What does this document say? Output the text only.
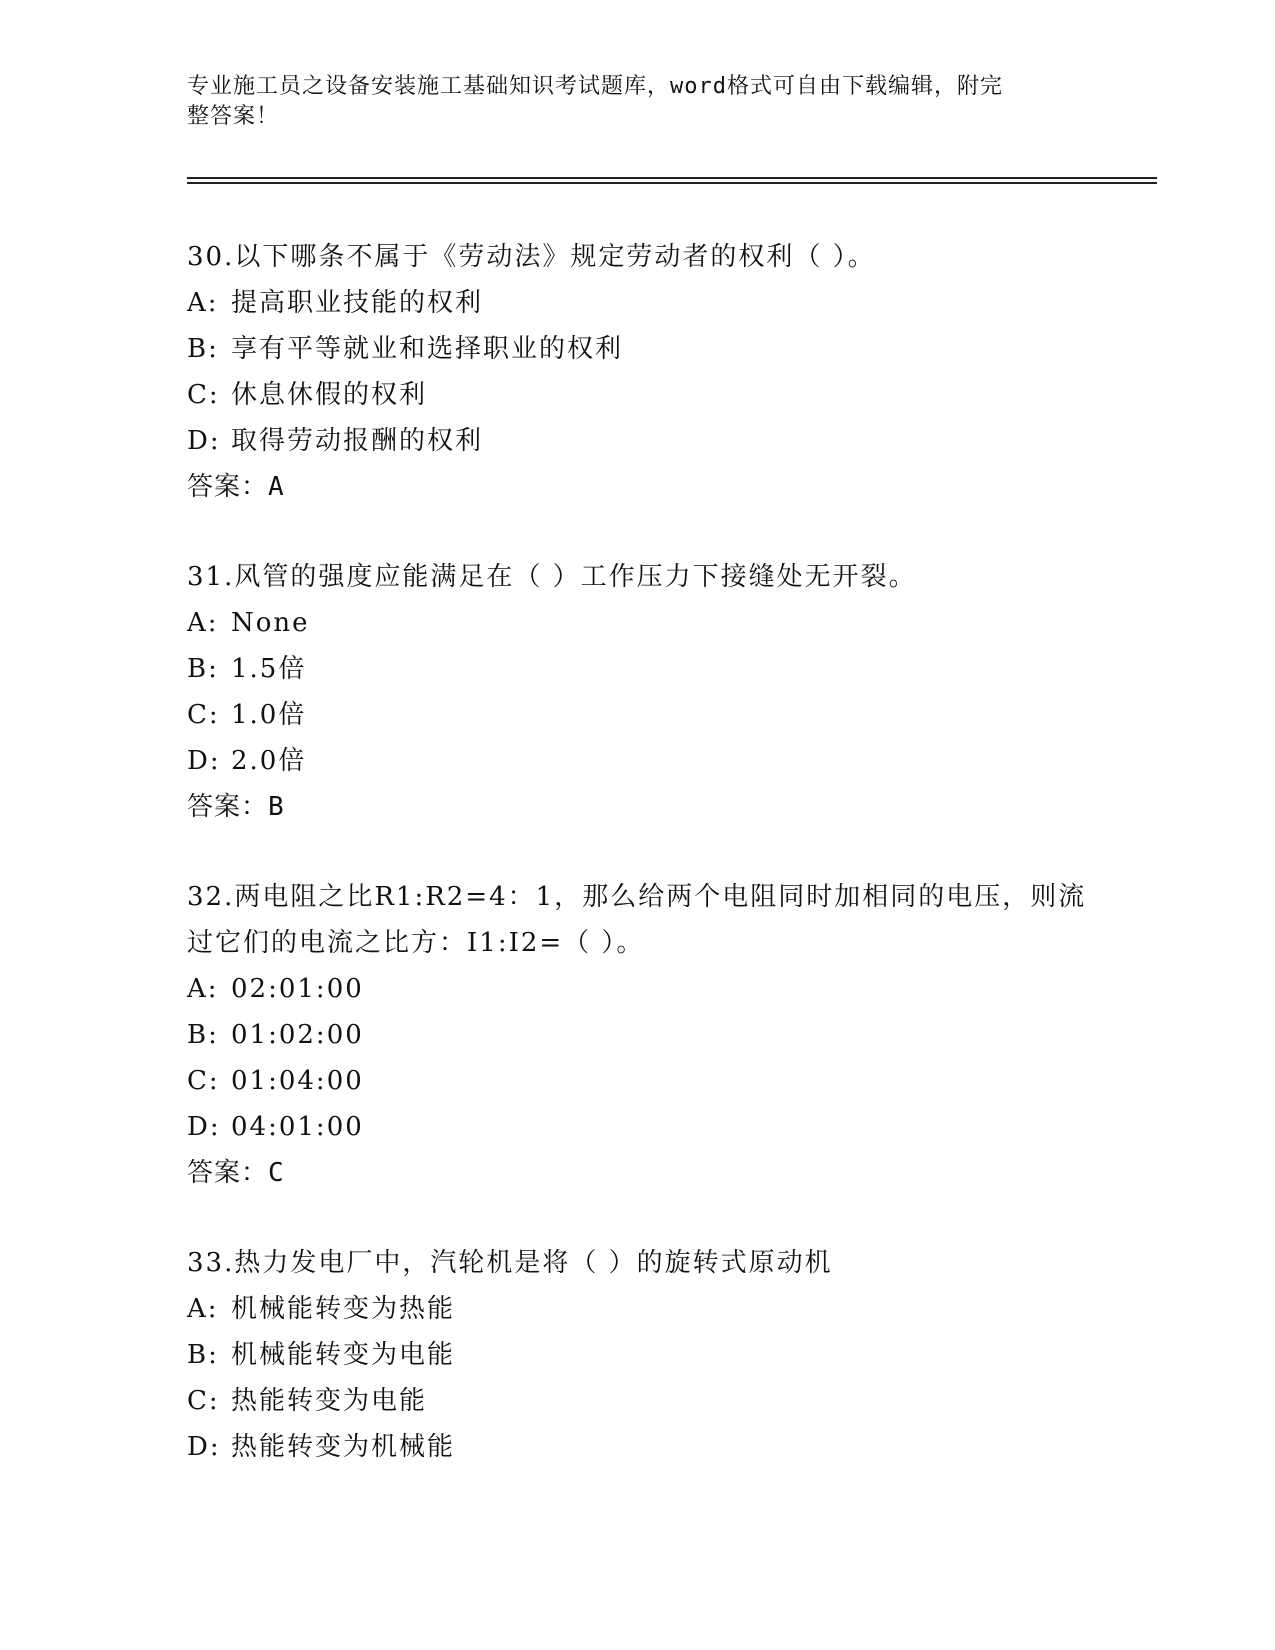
专业施工员之设备安装施工基础知识考试题库，word格式可自由下载编辑，附完
整答案！

30.以下哪条不属于《劳动法》规定劳动者的权利（ ）。

A: 提高职业技能的权利
B: 享有平等就业和选择职业的权利
C: 休息休假的权利
D: 取得劳动报酬的权利
答案：A

31.风管的强度应能满足在（ ）工作压力下接缝处无开裂。

A: None
B: 1.5倍
C: 1.0倍
D: 2.0倍
答案：B

32.两电阻之比R1:R2=4：1，那么给两个电阻同时加相同的电压，则流过它们的电流之比方：I1:I2=（ ）。

A: 02:01:00
B: 01:02:00
C: 01:04:00
D: 04:01:00
答案：C

33.热力发电厂中，汽轮机是将（ ）的旋转式原动机

A: 机械能转变为热能
B: 机械能转变为电能
C: 热能转变为电能
D: 热能转变为机械能
